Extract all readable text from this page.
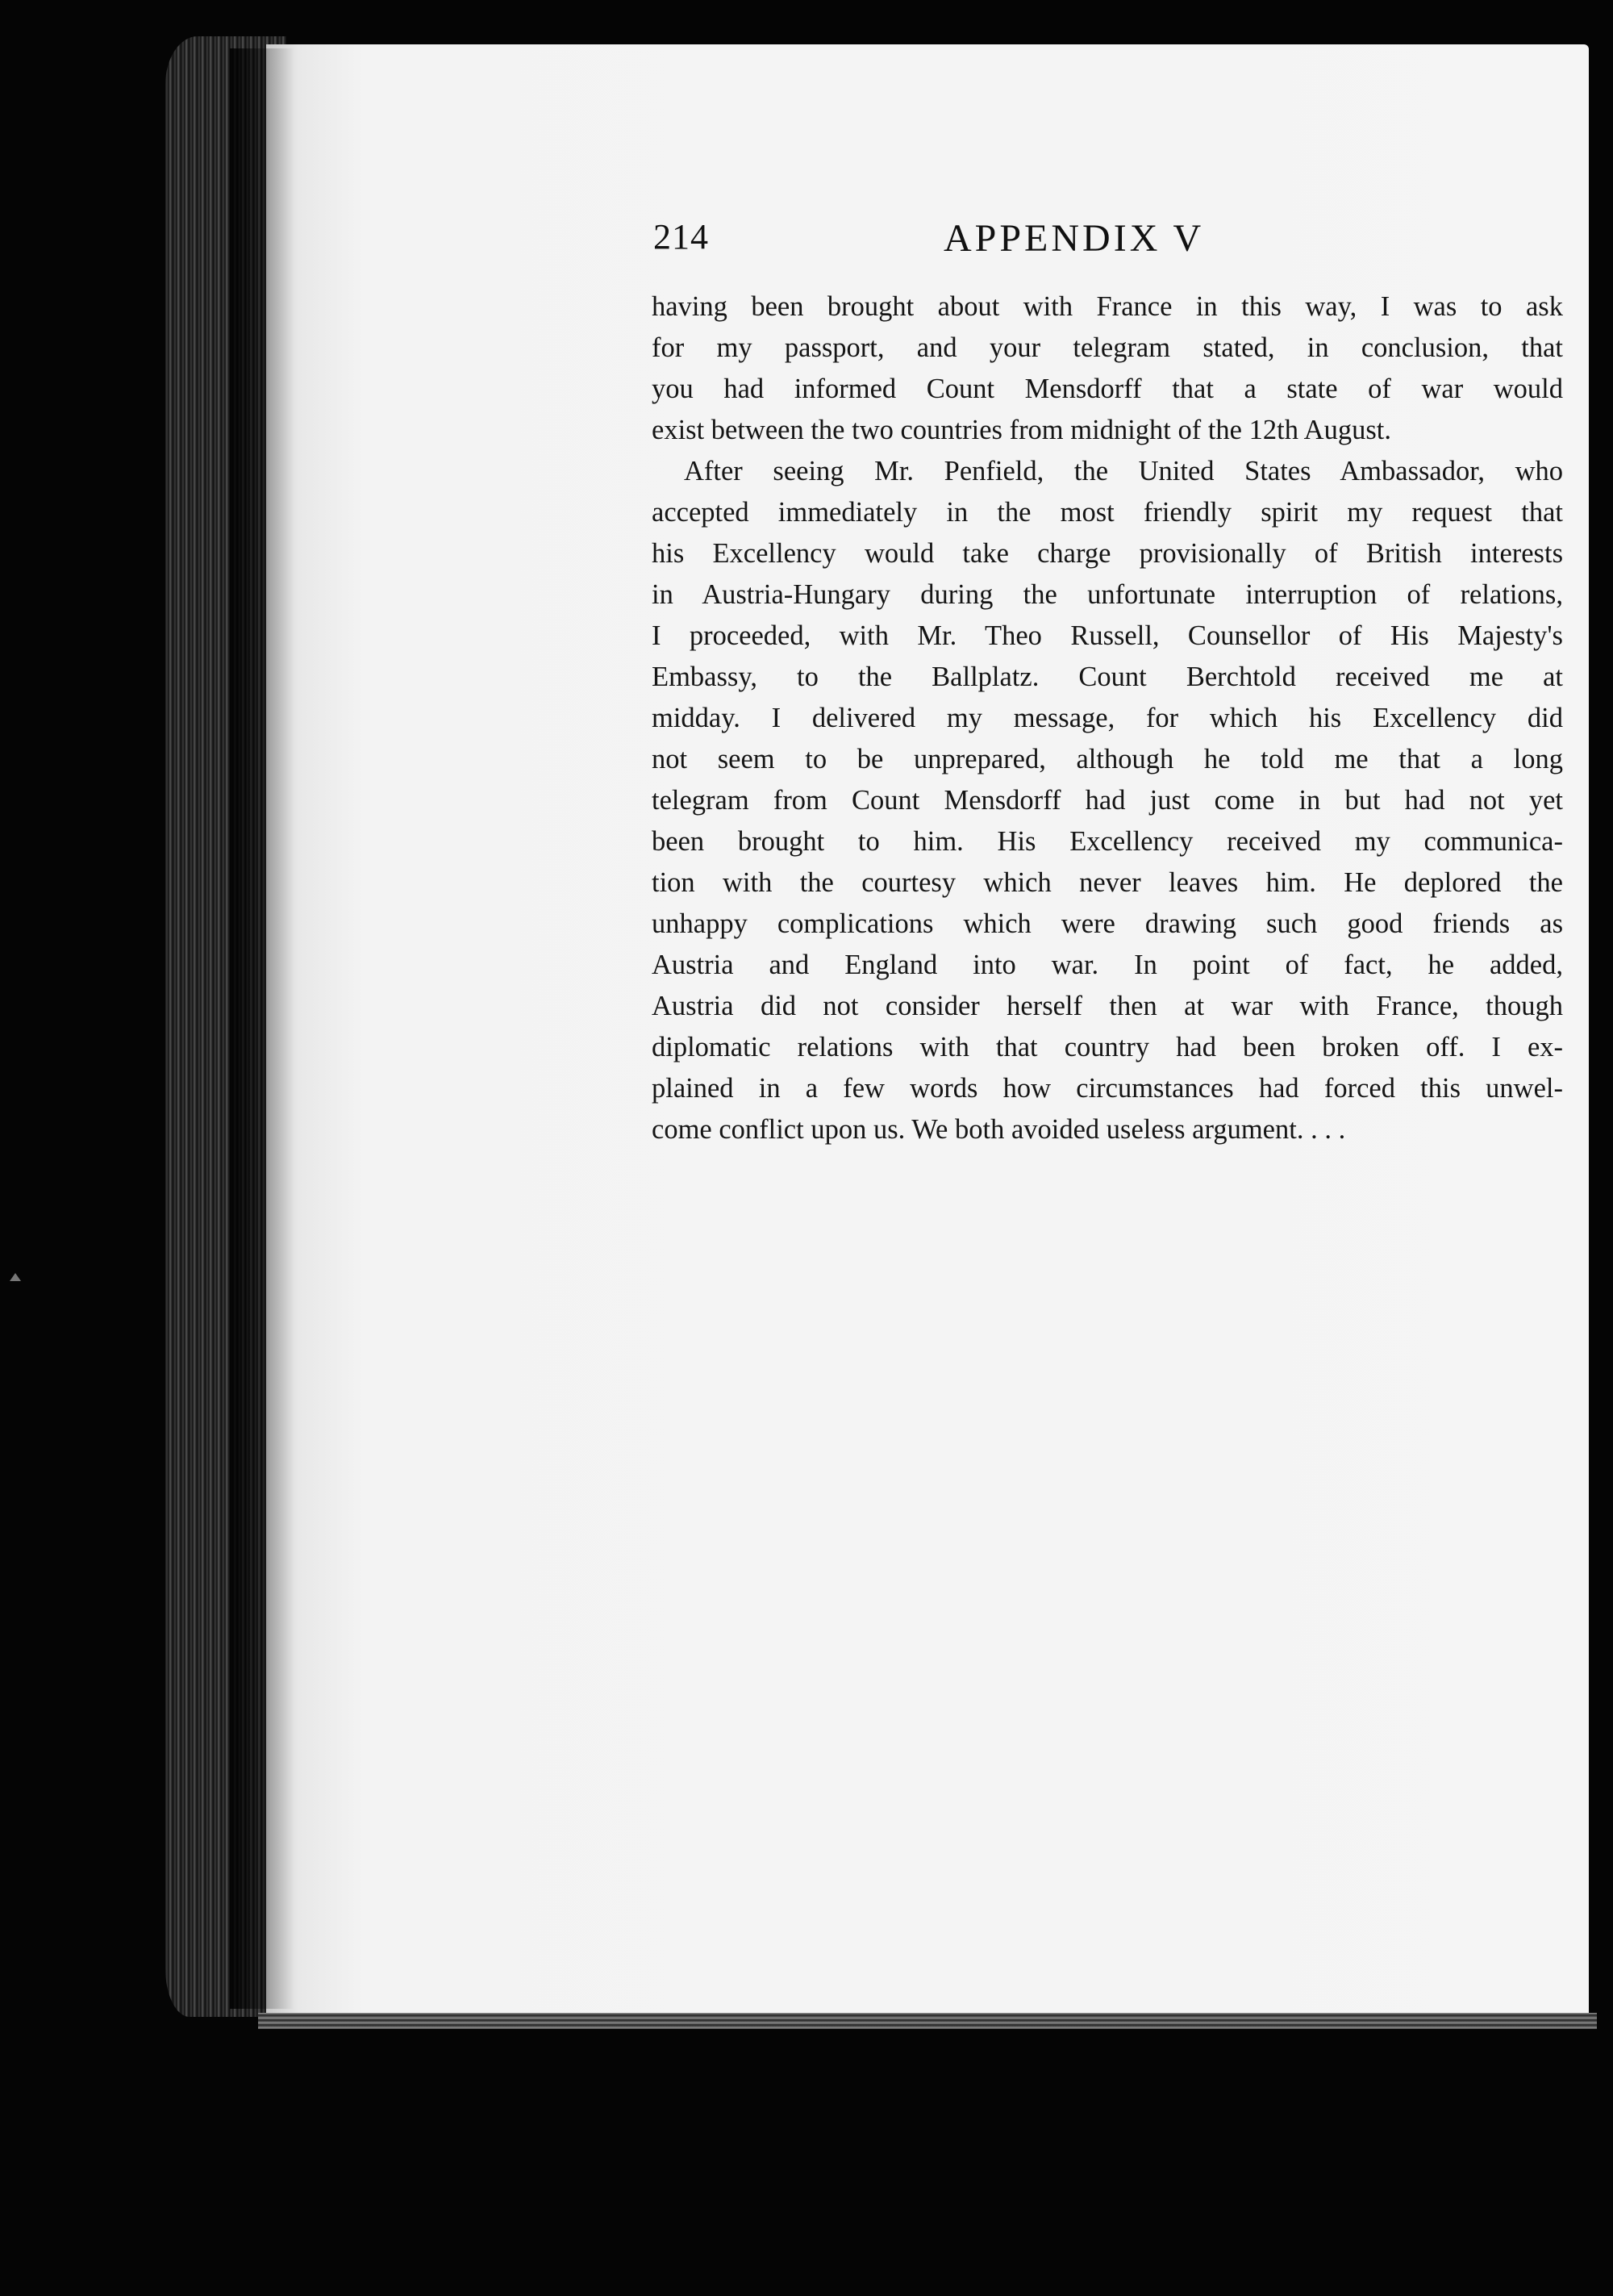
214	APPENDIX V
having been brought about with France in this way, I was to ask
for my passport, and your telegram stated, in conclusion, that
you had informed Count Mensdorff that a state of war would
exist between the two countries from midnight of the 12th August.
After seeing Mr. Penfield, the United States Ambassador, who
accepted immediately in the most friendly spirit my request that
his Excellency would take charge provisionally of British interests
in Austria-Hungary during the unfortunate interruption of relations,
I proceeded, with Mr. Theo Russell, Counsellor of His Majesty's
Embassy, to the Ballplatz. Count Berchtold received me at
midday. I delivered my message, for which his Excellency did
not seem to be unprepared, although he told me that a long
telegram from Count Mensdorff had just come in but had not yet
been brought to him. His Excellency received my communica-
tion with the courtesy which never leaves him. He deplored the
unhappy complications which were drawing such good friends as
Austria and England into war. In point of fact, he added,
Austria did not consider herself then at war with France, though
diplomatic relations with that country had been broken off. I ex-
plained in a few words how circumstances had forced this unwel-
come conflict upon us. We both avoided useless argument. . . .
